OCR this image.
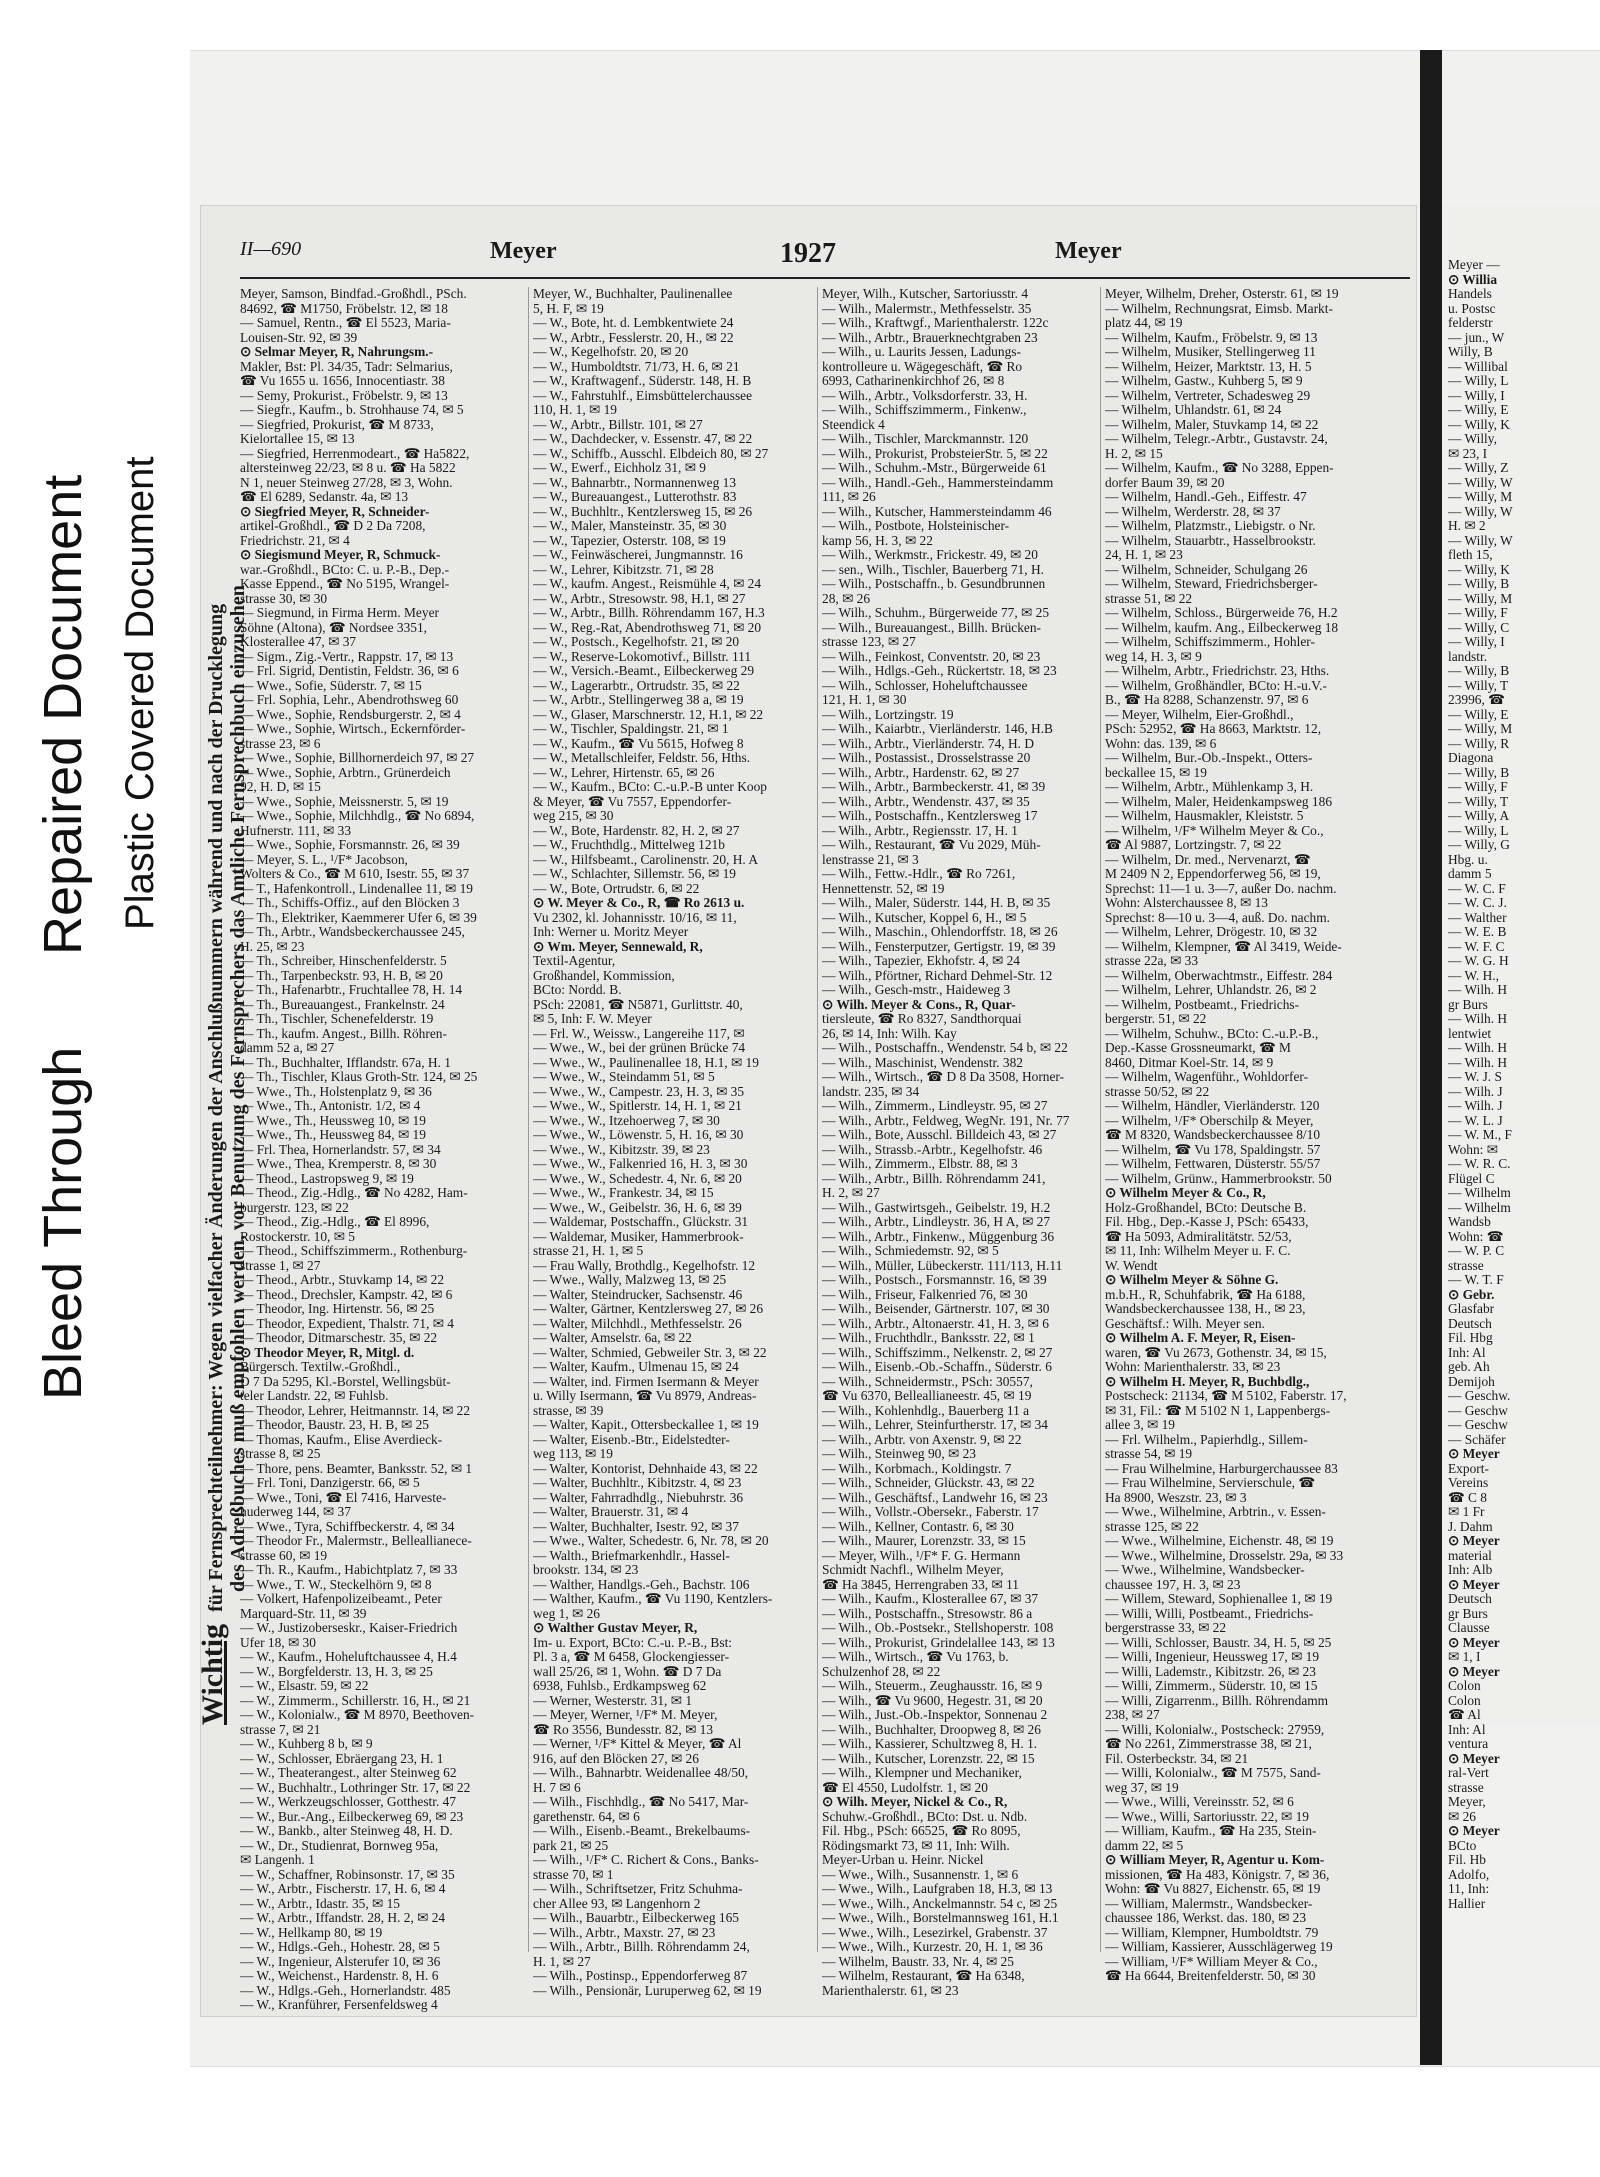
Bleed Through
Repaired Document Plastic Covered Document
II—690	Meyer	1927	Meyer
Wichtigfür Fernsprechteilnehmer: Wegen vielfacher Änderungen der Anschlußnummern während und nach der Drucklegung des Adreßbuches muß empfohlen werden, vor Benutzung des Fernsprechers das Amtliche Fernsprechbuch einzusehen
Meyer, Samson, Bindfad.-Großhdl., PSch.
84692, ☎ M1750, Fröbelstr. 12, ✉ 18
— Samuel, Rentn., ☎ El 5523, Maria-
Louisen-Str. 92, ✉ 39
⊙ Selmar Meyer, R, Nahrungsm.-
Makler, Bst: Pl. 34/35, Tadr: Selmarius,
☎ Vu 1655 u. 1656, Innocentiastr. 38
— Semy, Prokurist., Fröbelstr. 9, ✉ 13
— Siegfr., Kaufm., b. Strohhause 74, ✉ 5
— Siegfried, Prokurist, ☎ M 8733,
Kielortallee 15, ✉ 13
— Siegfried, Herrenmodeart., ☎ Ha5822,
altersteinweg 22/23, ✉ 8 u. ☎ Ha 5822
N 1, neuer Steinweg 27/28, ✉ 3, Wohn.
☎ El 6289, Sedanstr. 4a, ✉ 13
⊙ Siegfried Meyer, R, Schneider-
artikel-Großhdl., ☎ D 2 Da 7208,
Friedrichstr. 21, ✉ 4
⊙ Siegismund Meyer, R, Schmuck-
war.-Großhdl., BCto: C. u. P.-B., Dep.-
Kasse Eppend., ☎ No 5195, Wrangel-
strasse 30, ✉ 30
— Siegmund, in Firma Herm. Meyer
Söhne (Altona), ☎ Nordsee 3351,
Klosterallee 47, ✉ 37
— Sigm., Zig.-Vertr., Rappstr. 17, ✉ 13
— Frl. Sigrid, Dentistin, Feldstr. 36, ✉ 6
— Wwe., Sofie, Süderstr. 7, ✉ 15
— Frl. Sophia, Lehr., Abendrothsweg 60
— Wwe., Sophie, Rendsburgerstr. 2, ✉ 4
— Wwe., Sophie, Wirtsch., Eckernförder-
strasse 23, ✉ 6
— Wwe., Sophie, Billhornerdeich 97, ✉ 27
— Wwe., Sophie, Arbtrn., Grünerdeich
92, H. D, ✉ 15
— Wwe., Sophie, Meissnerstr. 5, ✉ 19
— Wwe., Sophie, Milchhdlg., ☎ No 6894,
Hufnerstr. 111, ✉ 33
— Wwe., Sophie, Forsmannstr. 26, ✉ 39
— Meyer, S. L., ¹/F* Jacobson,
Wolters & Co., ☎ M 610, Isestr. 55, ✉ 37
— T., Hafenkontroll., Lindenallee 11, ✉ 19
— Th., Schiffs-Offiz., auf den Blöcken 3
— Th., Elektriker, Kaemmerer Ufer 6, ✉ 39
— Th., Arbtr., Wandsbeckerchaussee 245,
H. 25, ✉ 23
— Th., Schreiber, Hinschenfelderstr. 5
— Th., Tarpenbeckstr. 93, H. B, ✉ 20
— Th., Hafenarbtr., Fruchtallee 78, H. 14
— Th., Bureauangest., Frankelnstr. 24
— Th., Tischler, Schenefelderstr. 19
— Th., kaufm. Angest., Billh. Röhren-
damm 52 a, ✉ 27
— Th., Buchhalter, Ifflandstr. 67a, H. 1
— Th., Tischler, Klaus Groth-Str. 124, ✉ 25
— Wwe., Th., Holstenplatz 9, ✉ 36
— Wwe., Th., Antonistr. 1/2, ✉ 4
— Wwe., Th., Heussweg 10, ✉ 19
— Wwe., Th., Heussweg 84, ✉ 19
— Frl. Thea, Hornerlandstr. 57, ✉ 34
— Wwe., Thea, Kremperstr. 8, ✉ 30
— Theod., Lastropsweg 9, ✉ 19
— Theod., Zig.-Hdlg., ☎ No 4282, Ham-
burgerstr. 123, ✉ 22
— Theod., Zig.-Hdlg., ☎ El 8996,
Rostockerstr. 10, ✉ 5
— Theod., Schiffszimmerm., Rothenburg-
strasse 1, ✉ 27
— Theod., Arbtr., Stuvkamp 14, ✉ 22
— Theod., Drechsler, Kampstr. 42, ✉ 6
— Theodor, Ing. Hirtenstr. 56, ✉ 25
— Theodor, Expedient, Thalstr. 71, ✉ 4
— Theodor, Ditmarschestr. 35, ✉ 22
⊙ Theodor Meyer, R, Mitgl. d.
Bürgersch. Textilw.-Großhdl.,
D 7 Da 5295, Kl.-Borstel, Wellingsbüt-
teler Landstr. 22, ✉ Fuhlsb.
— Theodor, Lehrer, Heitmannstr. 14, ✉ 22
— Theodor, Baustr. 23, H. B, ✉ 25
— Thomas, Kaufm., Elise Averdieck-
strasse 8, ✉ 25
— Thore, pens. Beamter, Banksstr. 52, ✉ 1
— Frl. Toni, Danzigerstr. 66, ✉ 5
— Wwe., Toni, ☎ El 7416, Harveste-
huderweg 144, ✉ 37
— Wwe., Tyra, Schiffbeckerstr. 4, ✉ 34
— Theodor Fr., Malermstr., Belleallianece-
strasse 60, ✉ 19
— Th. R., Kaufm., Habichtplatz 7, ✉ 33
— Wwe., T. W., Steckelhörn 9, ✉ 8
— Volkert, Hafenpolizeibeamt., Peter
Marquard-Str. 11, ✉ 39
— W., Justizoberseskr., Kaiser-Friedrich
Ufer 18, ✉ 30
— W., Kaufm., Hoheluftchaussee 4, H.4
— W., Borgfelderstr. 13, H. 3, ✉ 25
— W., Elsastr. 59, ✉ 22
— W., Zimmerm., Schillerstr. 16, H., ✉ 21
— W., Kolonialw., ☎ M 8970, Beethoven-
strasse 7, ✉ 21
— W., Kuhberg 8 b, ✉ 9
— W., Schlosser, Ebräergang 23, H. 1
— W., Theaterangest., alter Steinweg 62
— W., Buchhaltr., Lothringer Str. 17, ✉ 22
— W., Werkzeugschlosser, Gotthestr. 47
— W., Bur.-Ang., Eilbeckerweg 69, ✉ 23
— W., Bankb., alter Steinweg 48, H. D.
— W., Dr., Studienrat, Bornweg 95a,
✉ Langenh. 1
— W., Schaffner, Robinsonstr. 17, ✉ 35
— W., Arbtr., Fischerstr. 17, H. 6, ✉ 4
— W., Arbtr., Idastr. 35, ✉ 15
— W., Arbtr., Iffandstr. 28, H. 2, ✉ 24
— W., Hellkamp 80, ✉ 19
— W., Hdlgs.-Geh., Hohestr. 28, ✉ 5
— W., Ingenieur, Alsterufer 10, ✉ 36
— W., Weichenst., Hardenstr. 8, H. 6
— W., Hdlgs.-Geh., Hornerlandstr. 485
— W., Kranführer, Fersenfeldsweg 4
Meyer, W., Buchhalter, Paulinenallee
5, H. F, ✉ 19
— W., Bote, ht. d. Lembkentwiete 24
— W., Arbtr., Fesslerstr. 20, H., ✉ 22
— W., Kegelhofstr. 20, ✉ 20
— W., Humboldtstr. 71/73, H. 6, ✉ 21
— W., Kraftwagenf., Süderstr. 148, H. B
— W., Fahrstuhlf., Eimsbüttelerchaussee
110, H. 1, ✉ 19
— W., Arbtr., Billstr. 101, ✉ 27
— W., Dachdecker, v. Essenstr. 47, ✉ 22
— W., Schiffb., Ausschl. Elbdeich 80, ✉ 27
— W., Ewerf., Eichholz 31, ✉ 9
— W., Bahnarbtr., Normannenweg 13
— W., Bureauangest., Lutterothstr. 83
— W., Buchhltr., Kentzlersweg 15, ✉ 26
— W., Maler, Mansteinstr. 35, ✉ 30
— W., Tapezier, Osterstr. 108, ✉ 19
— W., Feinwäscherei, Jungmannstr. 16
— W., Lehrer, Kibitzstr. 71, ✉ 28
— W., kaufm. Angest., Reismühle 4, ✉ 24
— W., Arbtr., Stresowstr. 98, H.1, ✉ 27
— W., Arbtr., Billh. Röhrendamm 167, H.3
— W., Reg.-Rat, Abendrothsweg 71, ✉ 20
— W., Postsch., Kegelhofstr. 21, ✉ 20
— W., Reserve-Lokomotivf., Billstr. 111
— W., Versich.-Beamt., Eilbeckerweg 29
— W., Lagerarbtr., Ortrudstr. 35, ✉ 22
— W., Arbtr., Stellingerweg 38 a, ✉ 19
— W., Glaser, Marschnerstr. 12, H.1, ✉ 22
— W., Tischler, Spaldingstr. 21, ✉ 1
— W., Kaufm., ☎ Vu 5615, Hofweg 8
— W., Metallschleifer, Feldstr. 56, Hths.
— W., Lehrer, Hirtenstr. 65, ✉ 26
— W., Kaufm., BCto: C.-u.P.-B unter Koop
& Meyer, ☎ Vu 7557, Eppendorfer-
weg 215, ✉ 30
— W., Bote, Hardenstr. 82, H. 2, ✉ 27
— W., Fruchthdlg., Mittelweg 121b
— W., Hilfsbeamt., Carolinenstr. 20, H. A
— W., Schlachter, Sillemstr. 56, ✉ 19
— W., Bote, Ortrudstr. 6, ✉ 22
⊙ W. Meyer & Co., R, ☎ Ro 2613 u.
Vu 2302, kl. Johannisstr. 10/16, ✉ 11,
Inh: Werner u. Moritz Meyer
⊙ Wm. Meyer, Sennewald, R,
Textil-Agentur,
Großhandel, Kommission,
BCto: Nordd. B.
PSch: 22081, ☎ N5871, Gurlittstr. 40,
✉ 5, Inh: F. W. Meyer
— Frl. W., Weissw., Langereihe 117, ✉
— Wwe., W., bei der grünen Brücke 74
— Wwe., W., Paulinenallee 18, H.1, ✉ 19
— Wwe., W., Steindamm 51, ✉ 5
— Wwe., W., Campestr. 23, H. 3, ✉ 35
— Wwe., W., Spitlerstr. 14, H. 1, ✉ 21
— Wwe., W., Itzehoerweg 7, ✉ 30
— Wwe., W., Löwenstr. 5, H. 16, ✉ 30
— Wwe., W., Kibitzstr. 39, ✉ 23
— Wwe., W., Falkenried 16, H. 3, ✉ 30
— Wwe., W., Schedestr. 4, Nr. 6, ✉ 20
— Wwe., W., Frankestr. 34, ✉ 15
— Wwe., W., Geibelstr. 36, H. 6, ✉ 39
— Waldemar, Postschaffn., Glückstr. 31
— Waldemar, Musiker, Hammerbrook-
strasse 21, H. 1, ✉ 5
— Frau Wally, Brothdlg., Kegelhofstr. 12
— Wwe., Wally, Malzweg 13, ✉ 25
— Walter, Steindrucker, Sachsenstr. 46
— Walter, Gärtner, Kentzlersweg 27, ✉ 26
— Walter, Milchhdl., Methfesselstr. 26
— Walter, Amselstr. 6a, ✉ 22
— Walter, Schmied, Gebweiler Str. 3, ✉ 22
— Walter, Kaufm., Ulmenau 15, ✉ 24
— Walter, ind. Firmen Isermann & Meyer
u. Willy Isermann, ☎ Vu 8979, Andreas-
strasse, ✉ 39
— Walter, Kapit., Ottersbeckallee 1, ✉ 19
— Walter, Eisenb.-Btr., Eidelstedter-
weg 113, ✉ 19
— Walter, Kontorist, Dehnhaide 43, ✉ 22
— Walter, Buchhltr., Kibitzstr. 4, ✉ 23
— Walter, Fahrradhdlg., Niebuhrstr. 36
— Walter, Brauerstr. 31, ✉ 4
— Walter, Buchhalter, Isestr. 92, ✉ 37
— Wwe., Walter, Schedestr. 6, Nr. 78, ✉ 20
— Walth., Briefmarkenhdlr., Hassel-
brookstr. 134, ✉ 23
— Walther, Handlgs.-Geh., Bachstr. 106
— Walther, Kaufm., ☎ Vu 1190, Kentzlers-
weg 1, ✉ 26
⊙ Walther Gustav Meyer, R,
Im- u. Export, BCto: C.-u. P.-B., Bst:
Pl. 3 a, ☎ M 6458, Glockengiesser-
wall 25/26, ✉ 1, Wohn. ☎ D 7 Da
6938, Fuhlsb., Erdkampsweg 62
— Werner, Westerstr. 31, ✉ 1
— Meyer, Werner, ¹/F* M. Meyer,
☎ Ro 3556, Bundesstr. 82, ✉ 13
— Werner, ¹/F* Kittel & Meyer, ☎ Al
916, auf den Blöcken 27, ✉ 26
— Wilh., Bahnarbtr. Weidenallee 48/50,
H. 7 ✉ 6
— Wilh., Fischhdlg., ☎ No 5417, Mar-
garethenstr. 64, ✉ 6
— Wilh., Eisenb.-Beamt., Brekelbaums-
park 21, ✉ 25
— Wilh., ¹/F* C. Richert & Cons., Banks-
strasse 70, ✉ 1
— Wilh., Schriftsetzer, Fritz Schuhma-
cher Allee 93, ✉ Langenhorn 2
— Wilh., Bauarbtr., Eilbeckerweg 165
— Wilh., Arbtr., Maxstr. 27, ✉ 23
— Wilh., Arbtr., Billh. Röhrendamm 24,
H. 1, ✉ 27
— Wilh., Postinsp., Eppendorferweg 87
— Wilh., Pensionär, Luruperweg 62, ✉ 19
Meyer, Wilh., Kutscher, Sartoriusstr. 4
— Wilh., Malermstr., Methfesselstr. 35
— Wilh., Kraftwgf., Marienthalerstr. 122c
— Wilh., Arbtr., Brauerknechtgraben 23
— Wilh., u. Laurits Jessen, Ladungs-
kontrolleure u. Wägegeschäft, ☎ Ro
6993, Catharinenkirchhof 26, ✉ 8
— Wilh., Arbtr., Volksdorferstr. 33, H.
— Wilh., Schiffszimmerm., Finkenw.,
Steendick 4
— Wilh., Tischler, Marckmannstr. 120
— Wilh., Prokurist, ProbsteierStr. 5, ✉ 22
— Wilh., Schuhm.-Mstr., Bürgerweide 61
— Wilh., Handl.-Geh., Hammersteindamm
111, ✉ 26
— Wilh., Kutscher, Hammersteindamm 46
— Wilh., Postbote, Holsteinischer-
kamp 56, H. 3, ✉ 22
— Wilh., Werkmstr., Frickestr. 49, ✉ 20
— sen., Wilh., Tischler, Bauerberg 71, H.
— Wilh., Postschaffn., b. Gesundbrunnen
28, ✉ 26
— Wilh., Schuhm., Bürgerweide 77, ✉ 25
— Wilh., Bureauangest., Billh. Brücken-
strasse 123, ✉ 27
— Wilh., Feinkost, Conventstr. 20, ✉ 23
— Wilh., Hdlgs.-Geh., Rückertstr. 18, ✉ 23
— Wilh., Schlosser, Hoheluftchaussee
121, H. 1, ✉ 30
— Wilh., Lortzingstr. 19
— Wilh., Kaiarbtr., Vierländerstr. 146, H.B
— Wilh., Arbtr., Vierländerstr. 74, H. D
— Wilh., Postassist., Drosselstrasse 20
— Wilh., Arbtr., Hardenstr. 62, ✉ 27
— Wilh., Arbtr., Barmbeckerstr. 41, ✉ 39
— Wilh., Arbtr., Wendenstr. 437, ✉ 35
— Wilh., Postschaffn., Kentzlersweg 17
— Wilh., Arbtr., Regiensstr. 17, H. 1
— Wilh., Restaurant, ☎ Vu 2029, Müh-
lenstrasse 21, ✉ 3
— Wilh., Fettw.-Hdlr., ☎ Ro 7261,
Hennettenstr. 52, ✉ 19
— Wilh., Maler, Süderstr. 144, H. B, ✉ 35
— Wilh., Kutscher, Koppel 6, H., ✉ 5
— Wilh., Maschin., Ohlendorffstr. 18, ✉ 26
— Wilh., Fensterputzer, Gertigstr. 19, ✉ 39
— Wilh., Tapezier, Ekhofstr. 4, ✉ 24
— Wilh., Pförtner, Richard Dehmel-Str. 12
— Wilh., Gesch-mstr., Haideweg 3
⊙ Wilh. Meyer & Cons., R, Quar-
tiersleute, ☎ Ro 8327, Sandthorquai
26, ✉ 14, Inh: Wilh. Kay
— Wilh., Postschaffn., Wendenstr. 54 b, ✉ 22
— Wilh., Maschinist, Wendenstr. 382
— Wilh., Wirtsch., ☎ D 8 Da 3508, Horner-
landstr. 235, ✉ 34
— Wilh., Zimmerm., Lindleystr. 95, ✉ 27
— Wilh., Arbtr., Feldweg, WegNr. 191, Nr. 77
— Wilh., Bote, Ausschl. Billdeich 43, ✉ 27
— Wilh., Strassb.-Arbtr., Kegelhofstr. 46
— Wilh., Zimmerm., Elbstr. 88, ✉ 3
— Wilh., Arbtr., Billh. Röhrendamm 241,
H. 2, ✉ 27
— Wilh., Gastwirtsgeh., Geibelstr. 19, H.2
— Wilh., Arbtr., Lindleystr. 36, H A, ✉ 27
— Wilh., Arbtr., Finkenw., Müggenburg 36
— Wilh., Schmiedemstr. 92, ✉ 5
— Wilh., Müller, Lübeckerstr. 111/113, H.11
— Wilh., Postsch., Forsmannstr. 16, ✉ 39
— Wilh., Friseur, Falkenried 76, ✉ 30
— Wilh., Beisender, Gärtnerstr. 107, ✉ 30
— Wilh., Arbtr., Altonaerstr. 41, H. 3, ✉ 6
— Wilh., Fruchthdlr., Banksstr. 22, ✉ 1
— Wilh., Schiffszimm., Nelkenstr. 2, ✉ 27
— Wilh., Eisenb.-Ob.-Schaffn., Süderstr. 6
— Wilh., Schneidermstr., PSch: 30557,
☎ Vu 6370, Belleallianeestr. 45, ✉ 19
— Wilh., Kohlenhdlg., Bauerberg 11 a
— Wilh., Lehrer, Steinfurtherstr. 17, ✉ 34
— Wilh., Arbtr. von Axenstr. 9, ✉ 22
— Wilh., Steinweg 90, ✉ 23
— Wilh., Korbmach., Koldingstr. 7
— Wilh., Schneider, Glückstr. 43, ✉ 22
— Wilh., Geschäftsf., Landwehr 16, ✉ 23
— Wilh., Vollstr.-Obersekr., Faberstr. 17
— Wilh., Kellner, Contastr. 6, ✉ 30
— Wilh., Maurer, Lorenzstr. 33, ✉ 15
— Meyer, Wilh., ¹/F* F. G. Hermann
Schmidt Nachfl., Wilhelm Meyer,
☎ Ha 3845, Herrengraben 33, ✉ 11
— Wilh., Kaufm., Klosterallee 67, ✉ 37
— Wilh., Postschaffn., Stresowstr. 86 a
— Wilh., Ob.-Postsekr., Stellshoperstr. 108
— Wilh., Prokurist, Grindelallee 143, ✉ 13
— Wilh., Wirtsch., ☎ Vu 1763, b.
Schulzenhof 28, ✉ 22
— Wilh., Steuerm., Zeughausstr. 16, ✉ 9
— Wilh., ☎ Vu 9600, Hegestr. 31, ✉ 20
— Wilh., Just.-Ob.-Inspektor, Sonnenau 2
— Wilh., Buchhalter, Droopweg 8, ✉ 26
— Wilh., Kassierer, Schultzweg 8, H. 1.
— Wilh., Kutscher, Lorenzstr. 22, ✉ 15
— Wilh., Klempner und Mechaniker,
☎ El 4550, Ludolfstr. 1, ✉ 20
⊙ Wilh. Meyer, Nickel & Co., R,
Schuhw.-Großhdl., BCto: Dst. u. Ndb.
Fil. Hbg., PSch: 66525, ☎ Ro 8095,
Rödingsmarkt 73, ✉ 11, Inh: Wilh.
Meyer-Urban u. Heinr. Nickel
— Wwe., Wilh., Susannenstr. 1, ✉ 6
— Wwe., Wilh., Laufgraben 18, H.3, ✉ 13
— Wwe., Wilh., Anckelmannstr. 54 c, ✉ 25
— Wwe., Wilh., Borstelmannsweg 161, H.1
— Wwe., Wilh., Lesezirkel, Grabenstr. 37
— Wwe., Wilh., Kurzestr. 20, H. 1, ✉ 36
— Wilhelm, Baustr. 33, Nr. 4, ✉ 25
— Wilhelm, Restaurant, ☎ Ha 6348,
Marienthalerstr. 61, ✉ 23
Meyer, Wilhelm, Dreher, Osterstr. 61, ✉ 19
— Wilhelm, Rechnungsrat, Eimsb. Markt-
platz 44, ✉ 19
— Wilhelm, Kaufm., Fröbelstr. 9, ✉ 13
— Wilhelm, Musiker, Stellingerweg 11
— Wilhelm, Heizer, Marktstr. 13, H. 5
— Wilhelm, Gastw., Kuhberg 5, ✉ 9
— Wilhelm, Vertreter, Schadesweg 29
— Wilhelm, Uhlandstr. 61, ✉ 24
— Wilhelm, Maler, Stuvkamp 14, ✉ 22
— Wilhelm, Telegr.-Arbtr., Gustavstr. 24,
H. 2, ✉ 15
— Wilhelm, Kaufm., ☎ No 3288, Eppen-
dorfer Baum 39, ✉ 20
— Wilhelm, Handl.-Geh., Eiffestr. 47
— Wilhelm, Werderstr. 28, ✉ 37
— Wilhelm, Platzmstr., Liebigstr. o Nr.
— Wilhelm, Stauarbtr., Hasselbrookstr.
24, H. 1, ✉ 23
— Wilhelm, Schneider, Schulgang 26
— Wilhelm, Steward, Friedrichsberger-
strasse 51, ✉ 22
— Wilhelm, Schloss., Bürgerweide 76, H.2
— Wilhelm, kaufm. Ang., Eilbeckerweg 18
— Wilhelm, Schiffszimmerm., Hohler-
weg 14, H. 3, ✉ 9
— Wilhelm, Arbtr., Friedrichstr. 23, Hths.
— Wilhelm, Großhändler, BCto: H.-u.V.-
B., ☎ Ha 8288, Schanzenstr. 97, ✉ 6
— Meyer, Wilhelm, Eier-Großhdl.,
PSch: 52952, ☎ Ha 8663, Marktstr. 12,
Wohn: das. 139, ✉ 6
— Wilhelm, Bur.-Ob.-Inspekt., Otters-
beckallee 15, ✉ 19
— Wilhelm, Arbtr., Mühlenkamp 3, H.
— Wilhelm, Maler, Heidenkampsweg 186
— Wilhelm, Hausmakler, Kleiststr. 5
— Wilhelm, ¹/F* Wilhelm Meyer & Co.,
☎ Al 9887, Lortzingstr. 7, ✉ 22
— Wilhelm, Dr. med., Nervenarzt, ☎
M 2409 N 2, Eppendorferweg 56, ✉ 19,
Sprechst: 11—1 u. 3—7, außer Do. nachm.
Wohn: Alsterchaussee 8, ✉ 13
Sprechst: 8—10 u. 3—4, auß. Do. nachm.
— Wilhelm, Lehrer, Drögestr. 10, ✉ 32
— Wilhelm, Klempner, ☎ Al 3419, Weide-
strasse 22a, ✉ 33
— Wilhelm, Oberwachtmstr., Eiffestr. 284
— Wilhelm, Lehrer, Uhlandstr. 26, ✉ 2
— Wilhelm, Postbeamt., Friedrichs-
bergerstr. 51, ✉ 22
— Wilhelm, Schuhw., BCto: C.-u.P.-B.,
Dep.-Kasse Grossneumarkt, ☎ M
8460, Ditmar Koel-Str. 14, ✉ 9
— Wilhelm, Wagenführ., Wohldorfer-
strasse 50/52, ✉ 22
— Wilhelm, Händler, Vierländerstr. 120
— Wilhelm, ¹/F* Oberschilp & Meyer,
☎ M 8320, Wandsbeckerchaussee 8/10
— Wilhelm, ☎ Vu 178, Spaldingstr. 57
— Wilhelm, Fettwaren, Düsterstr. 55/57
— Wilhelm, Grünw., Hammerbrookstr. 50
⊙ Wilhelm Meyer & Co., R,
Holz-Großhandel, BCto: Deutsche B.
Fil. Hbg., Dep.-Kasse J, PSch: 65433,
☎ Ha 5093, Admiralitätstr. 52/53,
✉ 11, Inh: Wilhelm Meyer u. F. C.
W. Wendt
⊙ Wilhelm Meyer & Söhne G.
m.b.H., R, Schuhfabrik, ☎ Ha 6188,
Wandsbeckerchaussee 138, H., ✉ 23,
Geschäftsf.: Wilh. Meyer sen.
⊙ Wilhelm A. F. Meyer, R, Eisen-
waren, ☎ Vu 2673, Gothenstr. 34, ✉ 15,
Wohn: Marienthalerstr. 33, ✉ 23
⊙ Wilhelm H. Meyer, R, Buchbdlg.,
Postscheck: 21134, ☎ M 5102, Faberstr. 17,
✉ 31, Fil.: ☎ M 5102 N 1, Lappenbergs-
allee 3, ✉ 19
— Frl. Wilhelm., Papierhdlg., Sillem-
strasse 54, ✉ 19
— Frau Wilhelmine, Harburgerchaussee 83
— Frau Wilhelmine, Servierschule, ☎
Ha 8900, Weszstr. 23, ✉ 3
— Wwe., Wilhelmine, Arbtrin., v. Essen-
strasse 125, ✉ 22
— Wwe., Wilhelmine, Eichenstr. 48, ✉ 19
— Wwe., Wilhelmine, Drosselstr. 29a, ✉ 33
— Wwe., Wilhelmine, Wandsbecker-
chaussee 197, H. 3, ✉ 23
— Willem, Steward, Sophienallee 1, ✉ 19
— Willi, Willi, Postbeamt., Friedrichs-
bergerstrasse 33, ✉ 22
— Willi, Schlosser, Baustr. 34, H. 5, ✉ 25
— Willi, Ingenieur, Heussweg 17, ✉ 19
— Willi, Lademstr., Kibitzstr. 26, ✉ 23
— Willi, Zimmerm., Süderstr. 10, ✉ 15
— Willi, Zigarrenm., Billh. Röhrendamm
238, ✉ 27
— Willi, Kolonialw., Postscheck: 27959,
☎ No 2261, Zimmerstrasse 38, ✉ 21,
Fil. Osterbeckstr. 34, ✉ 21
— Willi, Kolonialw., ☎ M 7575, Sand-
weg 37, ✉ 19
— Wwe., Willi, Vereinsstr. 52, ✉ 6
— Wwe., Willi, Sartoriusstr. 22, ✉ 19
— William, Kaufm., ☎ Ha 235, Stein-
damm 22, ✉ 5
⊙ William Meyer, R, Agentur u. Kom-
missionen, ☎ Ha 483, Königstr. 7, ✉ 36,
Wohn: ☎ Vu 8827, Eichenstr. 65, ✉ 19
— William, Malermstr., Wandsbecker-
chaussee 186, Werkst. das. 180, ✉ 23
— William, Klempner, Humboldtstr. 79
— William, Kassierer, Ausschlägerweg 19
— William, ¹/F* William Meyer & Co.,
☎ Ha 6644, Breitenfelderstr. 50, ✉ 30
Meyer —
⊙ Willia
Handels
u. Postsc
felderstr
— jun., W
Willy, B
— Willibal
— Willy, L
— Willy, I
— Willy, E
— Willy, K
— Willy,
✉ 23, I
— Willy, Z
— Willy, W
— Willy, M
— Willy, W
H. ✉ 2
— Willy, W
fleth 15,
— Willy, K
— Willy, B
— Willy, M
— Willy, F
— Willy, C
— Willy, I
landstr.
— Willy, B
— Willy, T
23996, ☎
— Willy, E
— Willy, M
— Willy, R
Diagona
— Willy, B
— Willy, F
— Willy, T
— Willy, A
— Willy, L
— Willy, G
Hbg. u.
damm 5
— W. C. F
— W. C. J.
— Walther
— W. E. B
— W. F. C
— W. G. H
— W. H.,
— Wilh. H
gr Burs
— Wilh. H
lentwiet
— Wilh. H
— Wilh. H
— W. J. S
— Wilh. J
— Wilh. J
— W. L. J
— W. M., F
Wohn: ✉
— W. R. C.
Flügel C
— Wilhelm
— Wilhelm
Wandsb
Wohn: ☎
— W. P. C
strasse
— W. T. F
⊙ Gebr.
Glasfabr
Deutsch
Fil. Hbg
Inh: Al
geb. Ah
Demijoh
— Geschw.
— Geschw
— Geschw
— Schäfer
⊙ Meyer
Export-
Vereins
☎ C 8
✉ 1 Fr
J. Dahm
⊙ Meyer
material
Inh: Alb
⊙ Meyer
Deutsch
gr Burs
Clausse
⊙ Meyer
✉ 1, I
⊙ Meyer
Colon
Colon
☎ Al
Inh: Al
ventura
⊙ Meyer
ral-Vert
strasse
Meyer,
✉ 26
⊙ Meyer
BCto
Fil. Hb
Adolfo,
11, Inh:
Hallier
